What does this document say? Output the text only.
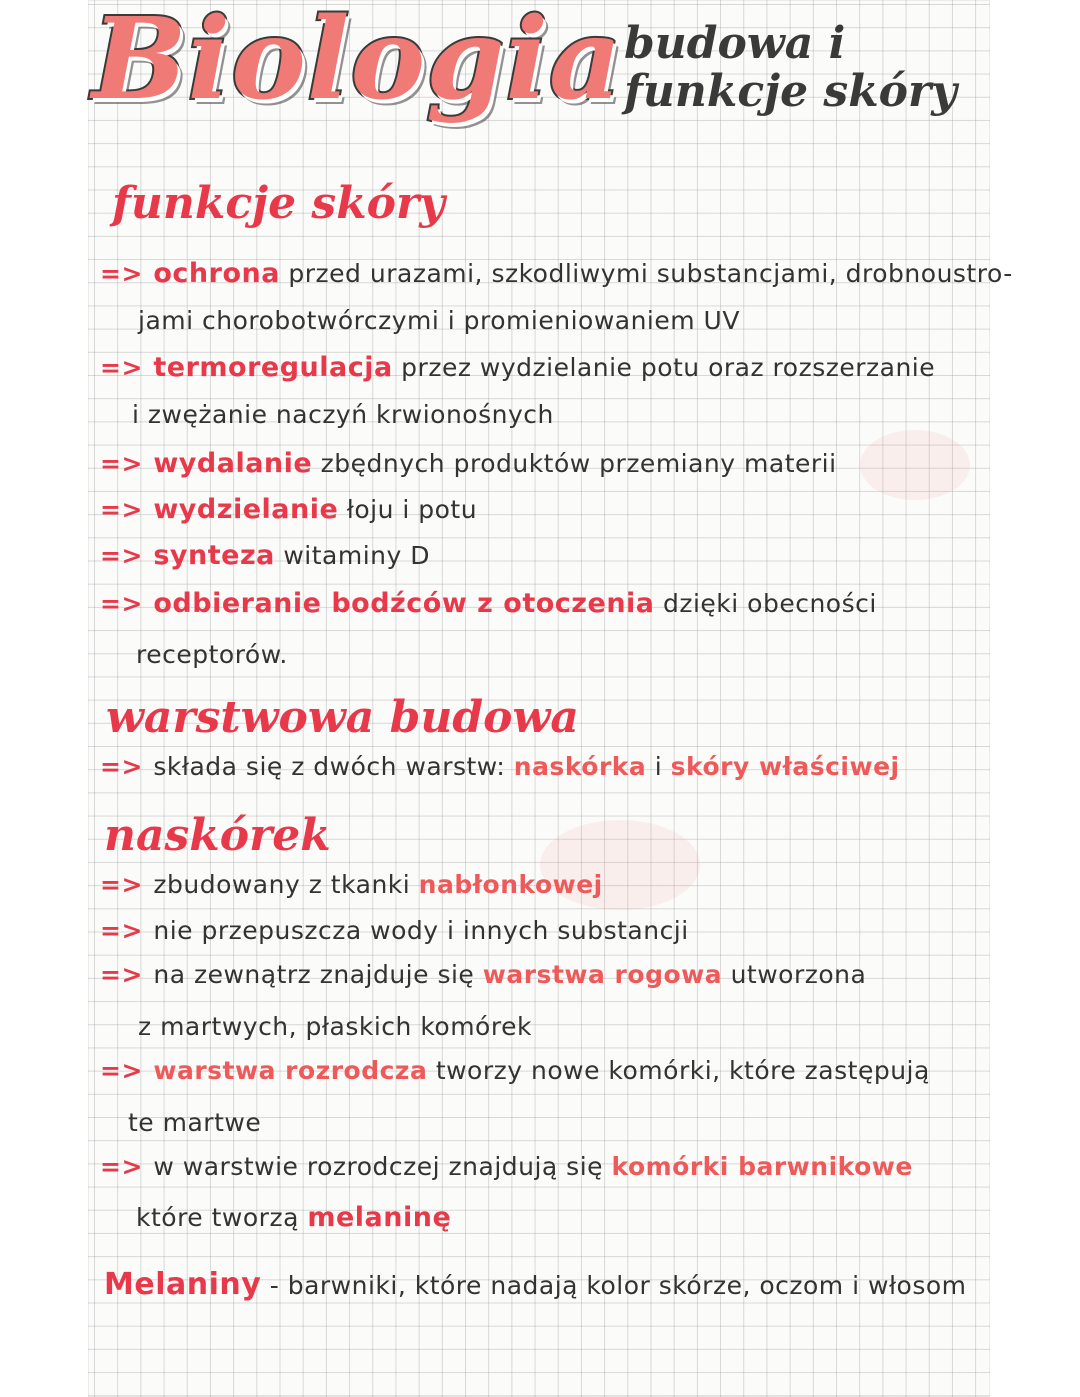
Biologia budowa i
funkcje skóry
funkcje skóry
=> ochrona przed urazami, szkodliwymi substancjami, drobnoustro-
jami chorobotwórczymi i promieniowaniem UV
=> termoregulacja przez wydzielanie potu oraz rozszerzanie
i zwężanie naczyń krwionośnych
=> wydalanie zbędnych produktów przemiany materii
=> wydzielanie łoju i potu
=> synteza witaminy D
=> odbieranie bodźców z otoczenia dzięki obecności
receptorów.
warstwowa budowa
=> składa się z dwóch warstw: naskórka i skóry właściwej
naskórek
=> zbudowany z tkanki nabłonkowej
=> nie przepuszcza wody i innych substancji
=> na zewnątrz znajduje się warstwa rogowa utworzona
z martwych, płaskich komórek
=> warstwa rozrodcza tworzy nowe komórki, które zastępują
te martwe
=> w warstwie rozrodczej znajdują się komórki barwnikowe
które tworzą melaninę
Melaniny - barwniki, które nadają kolor skórze, oczom i włosom
